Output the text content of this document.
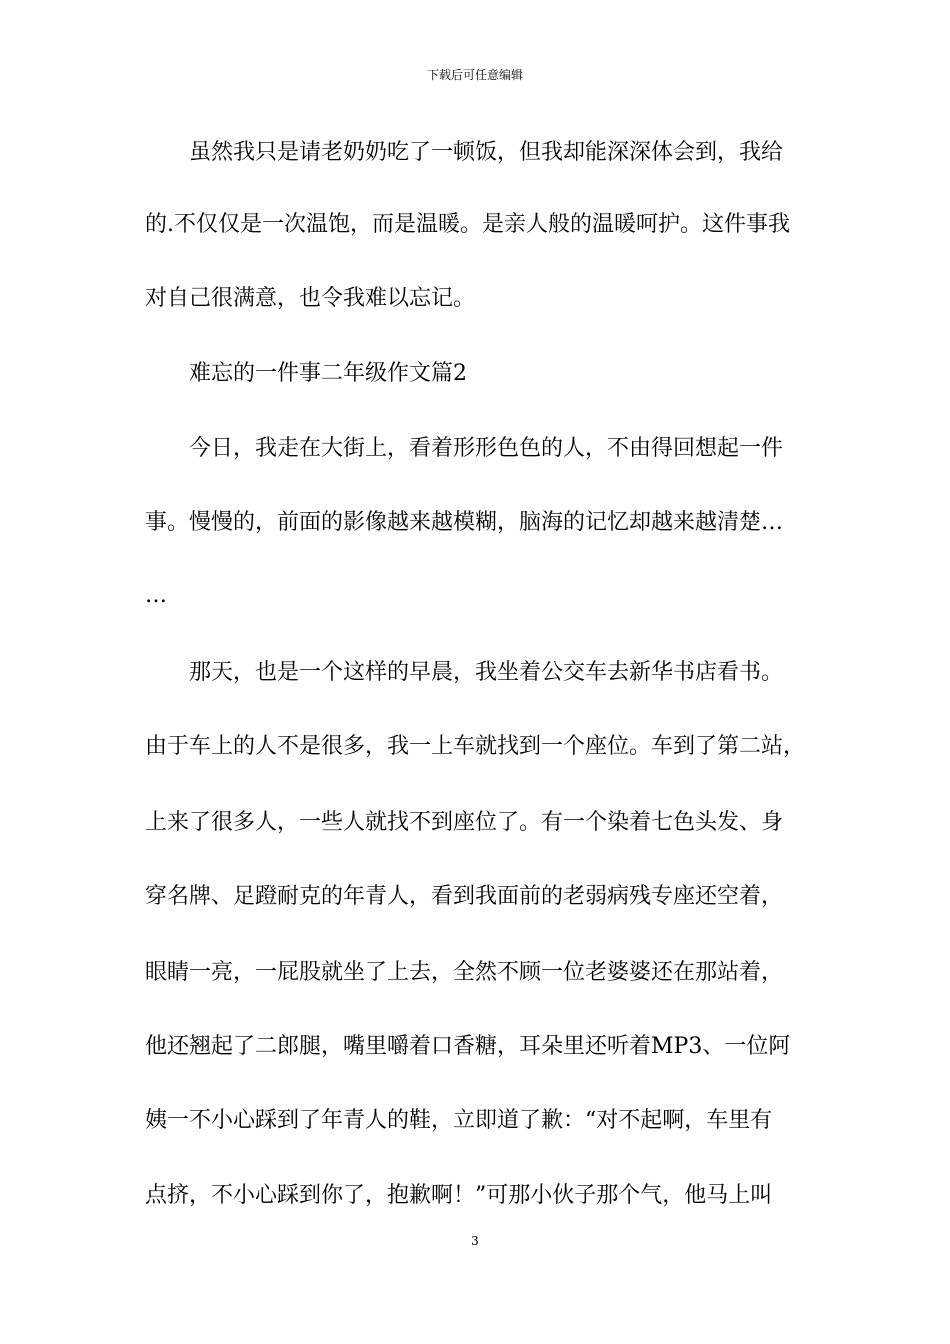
下载后可任意编辑
　　虽然我只是请老奶奶吃了一顿饭，但我却能深深体会到，我给
的.不仅仅是一次温饱，而是温暖。是亲人般的温暖呵护。这件事我
对自己很满意，也令我难以忘记。
　　难忘的一件事二年级作文篇2
　　今日，我走在大街上，看着形形色色的人，不由得回想起一件
事。慢慢的，前面的影像越来越模糊，脑海的记忆却越来越清楚…
…
　　那天，也是一个这样的早晨，我坐着公交车去新华书店看书。
由于车上的人不是很多，我一上车就找到一个座位。车到了第二站，
上来了很多人，一些人就找不到座位了。有一个染着七色头发、身
穿名牌、足蹬耐克的年青人，看到我面前的老弱病残专座还空着，
眼睛一亮，一屁股就坐了上去，全然不顾一位老婆婆还在那站着，
他还翘起了二郎腿，嘴里嚼着口香糖，耳朵里还听着MP3、一位阿
姨一不小心踩到了年青人的鞋，立即道了歉：“对不起啊，车里有
点挤，不小心踩到你了，抱歉啊！”可那小伙子那个气，他马上叫
3
